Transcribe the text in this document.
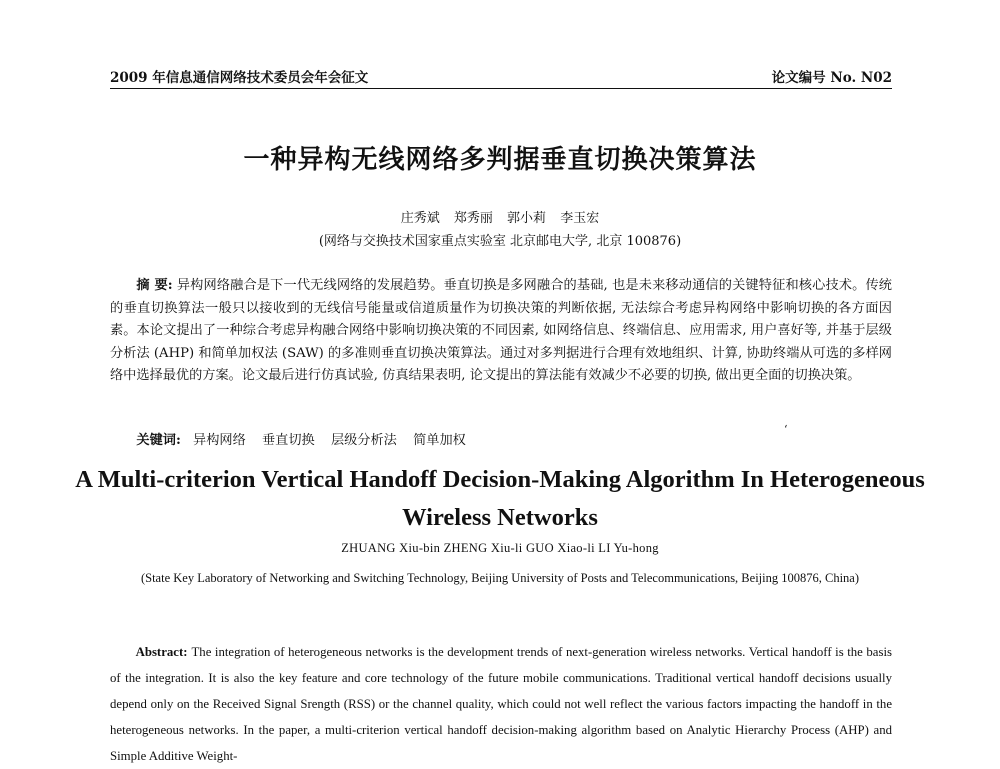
2009 年信息通信网络技术委员会年会征文	论文编号 No. N02
一种异构无线网络多判据垂直切换决策算法
庄秀斌 郑秀丽 郭小莉 李玉宏
(网络与交换技术国家重点实验室 北京邮电大学, 北京 100876)
摘 要: 异构网络融合是下一代无线网络的发展趋势。垂直切换是多网融合的基础, 也是未来移动通信的关键特征和核心技术。传统的垂直切换算法一般只以接收到的无线信号能量或信道质量作为切换决策的判断依据, 无法综合考虑异构网络中影响切换的各方面因素。本论文提出了一种综合考虑异构融合网络中影响切换决策的不同因素, 如网络信息、终端信息、应用需求, 用户喜好等, 并基于层级分析法 (AHP) 和简单加权法 (SAW) 的多准则垂直切换决策算法。通过对多判据进行合理有效地组织、计算, 协助终端从可选的多样网络中选择最优的方案。论文最后进行仿真试验, 仿真结果表明, 论文提出的算法能有效减少不必要的切换, 做出更全面的切换决策。
关键词: 异构网络 垂直切换 层级分析法 简单加权
‘
A Multi-criterion Vertical Handoff Decision-Making Algorithm In Heterogeneous Wireless Networks
ZHUANG Xiu-bin ZHENG Xiu-li GUO Xiao-li LI Yu-hong
(State Key Laboratory of Networking and Switching Technology, Beijing University of Posts and Telecommunications, Beijing 100876, China)
Abstract: The integration of heterogeneous networks is the development trends of next-generation wireless networks. Vertical handoff is the basis of the integration. It is also the key feature and core technology of the future mobile communications. Traditional vertical handoff decisions usually depend only on the Received Signal Srength (RSS) or the channel quality, which could not well reflect the various factors impacting the handoff in the heterogeneous networks. In the paper, a multi-criterion vertical handoff decision-making algorithm based on Analytic Hierarchy Process (AHP) and Simple Additive Weight-
